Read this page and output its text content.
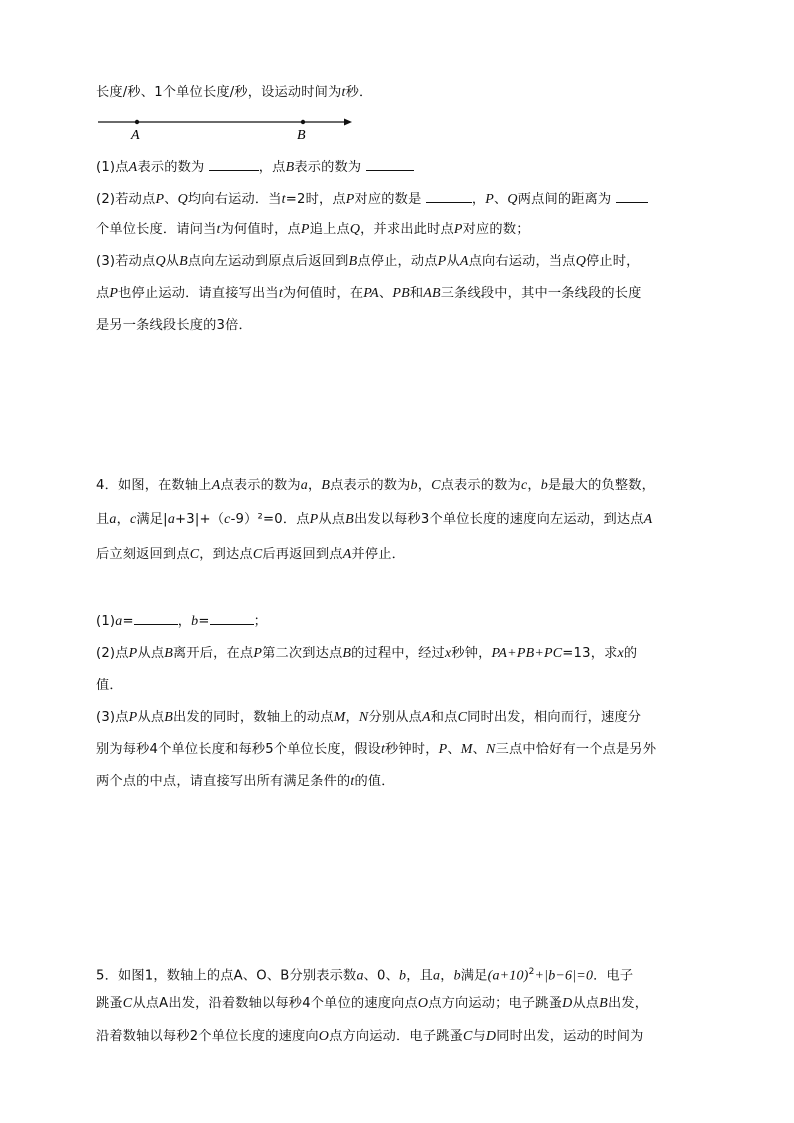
长度/秒、1个单位长度/秒，设运动时间为t秒．
A	B
(1)点A表示的数为	，点B表示的数为
(2)若动点P、Q均向右运动．当t=2时，点P对应的数是	，P、Q两点间的距离为
个单位长度．请问当t为何值时，点P追上点Q，并求出此时点P对应的数；
(3)若动点Q从B点向左运动到原点后返回到B点停止，动点P从A点向右运动，当点Q停止时，
点P也停止运动．请直接写出当t为何值时，在PA、PB和AB三条线段中，其中一条线段的长度
是另一条线段长度的3倍．
4．如图，在数轴上A点表示的数为a，B点表示的数为b，C点表示的数为c，b是最大的负整数，
且a，c满足|a+3|+（c-9）²=0．点P从点B出发以每秒3个单位长度的速度向左运动，到达点A
后立刻返回到点C，到达点C后再返回到点A并停止．
(1)a=	，b=	；
(2)点P从点B离开后，在点P第二次到达点B的过程中，经过x秒钟，PA+PB+PC=13，求x的
值．
(3)点P从点B出发的同时，数轴上的动点M，N分别从点A和点C同时出发，相向而行，速度分
别为每秒4个单位长度和每秒5个单位长度，假设t秒钟时，P、M、N三点中恰好有一个点是另外
两个点的中点，请直接写出所有满足条件的t的值．
5．如图1，数轴上的点A、O、B分别表示数a、0、b，且a，b满足$(a+10)^2+|b-6|=0$．电子
跳蚤C从点A出发，沿着数轴以每秒4个单位的速度向点O点方向运动；电子跳蚤D从点B出发，
沿着数轴以每秒2个单位长度的速度向O点方向运动．电子跳蚤C与D同时出发，运动的时间为
